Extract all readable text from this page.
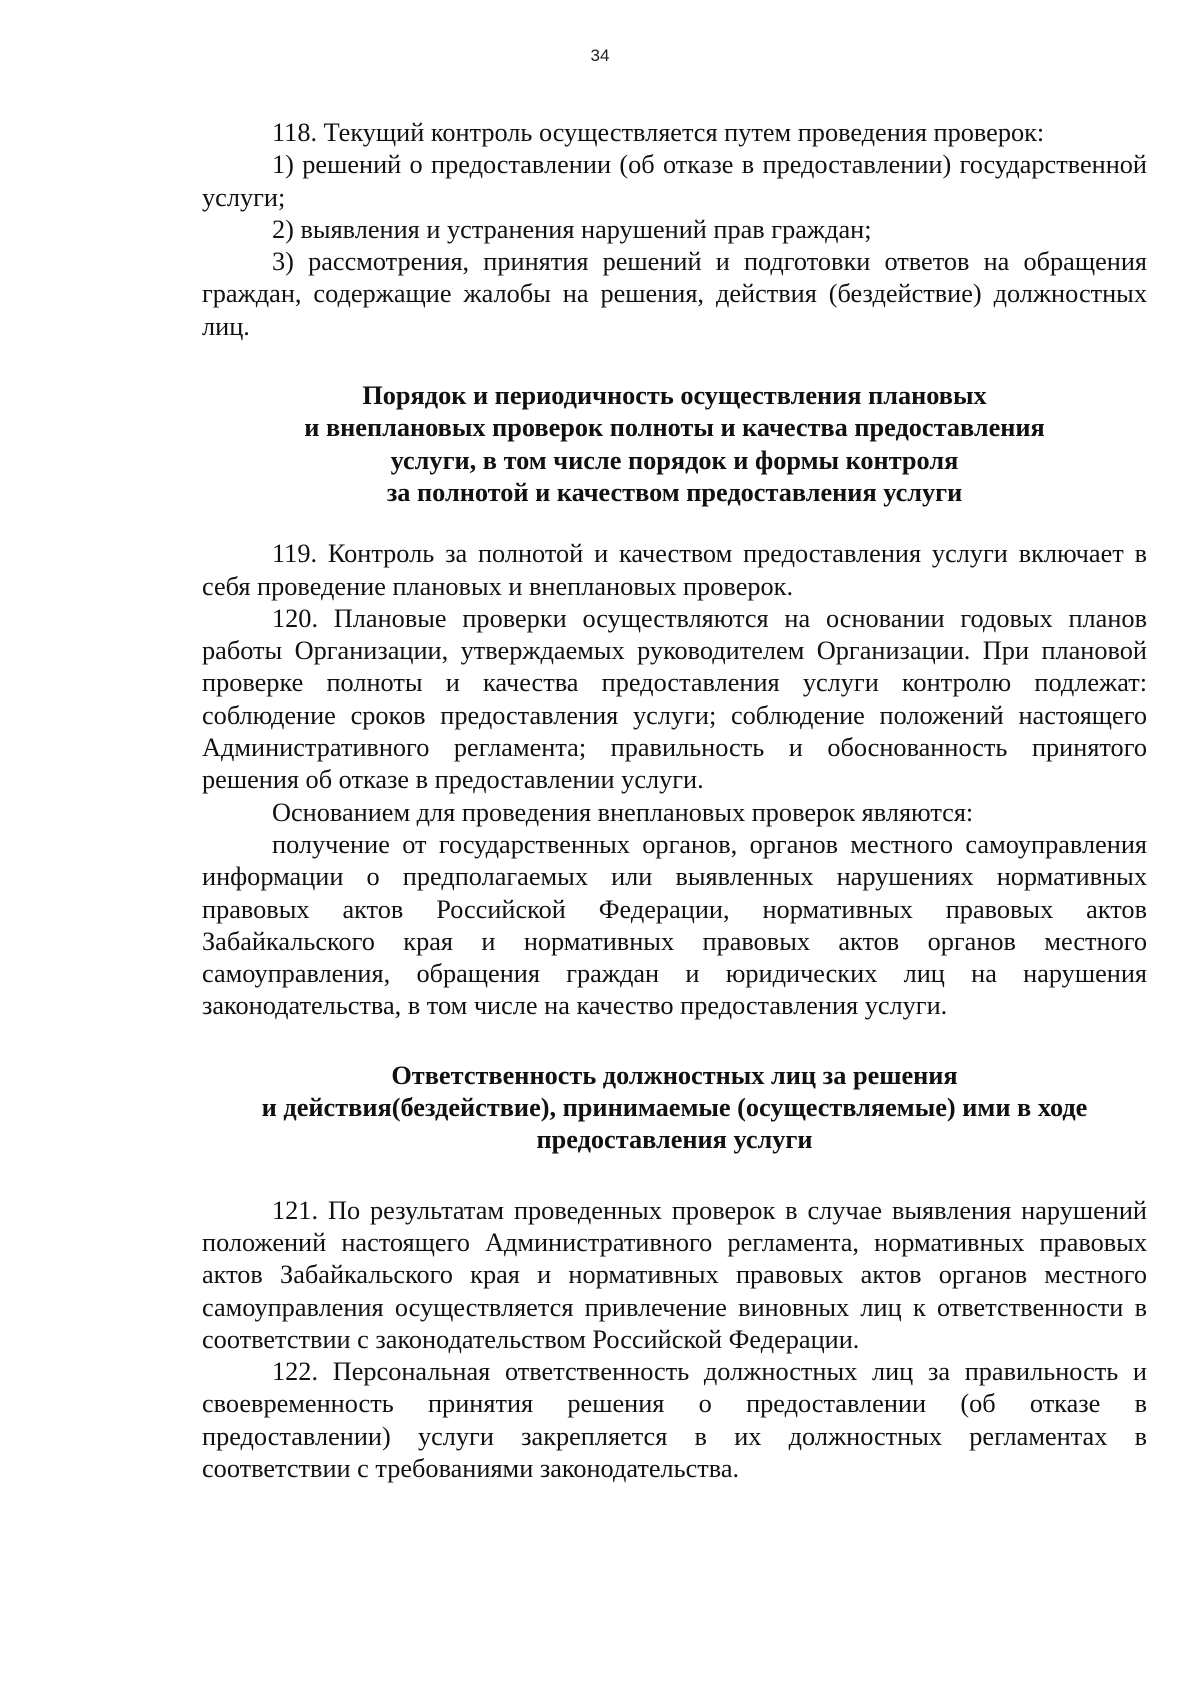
34

118. Текущий контроль осуществляется путем проведения проверок:

1) решений о предоставлении (об отказе в предоставлении) государственной услуги;

2) выявления и устранения нарушений прав граждан;

3) рассмотрения, принятия решений и подготовки ответов на обращения граждан, содержащие жалобы на решения, действия (бездействие) должностных лиц.

Порядок и периодичность осуществления плановых
и внеплановых проверок полноты и качества предоставления
услуги, в том числе порядок и формы контроля
за полнотой и качеством предоставления услуги

119. Контроль за полнотой и качеством предоставления услуги включает в себя проведение плановых и внеплановых проверок.

120. Плановые проверки осуществляются на основании годовых планов работы Организации, утверждаемых руководителем Организации. При плановой проверке полноты и качества предоставления услуги контролю подлежат: соблюдение сроков предоставления услуги; соблюдение положений настоящего Административного регламента; правильность и обоснованность принятого решения об отказе в предоставлении услуги.

Основанием для проведения внеплановых проверок являются:

получение от государственных органов, органов местного самоуправления информации о предполагаемых или выявленных нарушениях нормативных правовых актов Российской Федерации, нормативных правовых актов Забайкальского края и нормативных правовых актов органов местного самоуправления, обращения граждан и юридических лиц на нарушения законодательства, в том числе на качество предоставления услуги.

Ответственность должностных лиц за решения
и действия(бездействие), принимаемые (осуществляемые) ими в ходе
предоставления услуги

121. По результатам проведенных проверок в случае выявления нарушений положений настоящего Административного регламента, нормативных правовых актов Забайкальского края и нормативных правовых актов органов местного самоуправления осуществляется привлечение виновных лиц к ответственности в соответствии с законодательством Российской Федерации.

122. Персональная ответственность должностных лиц за правильность и своевременность принятия решения о предоставлении (об отказе в предоставлении) услуги закрепляется в их должностных регламентах в соответствии с требованиями законодательства.
